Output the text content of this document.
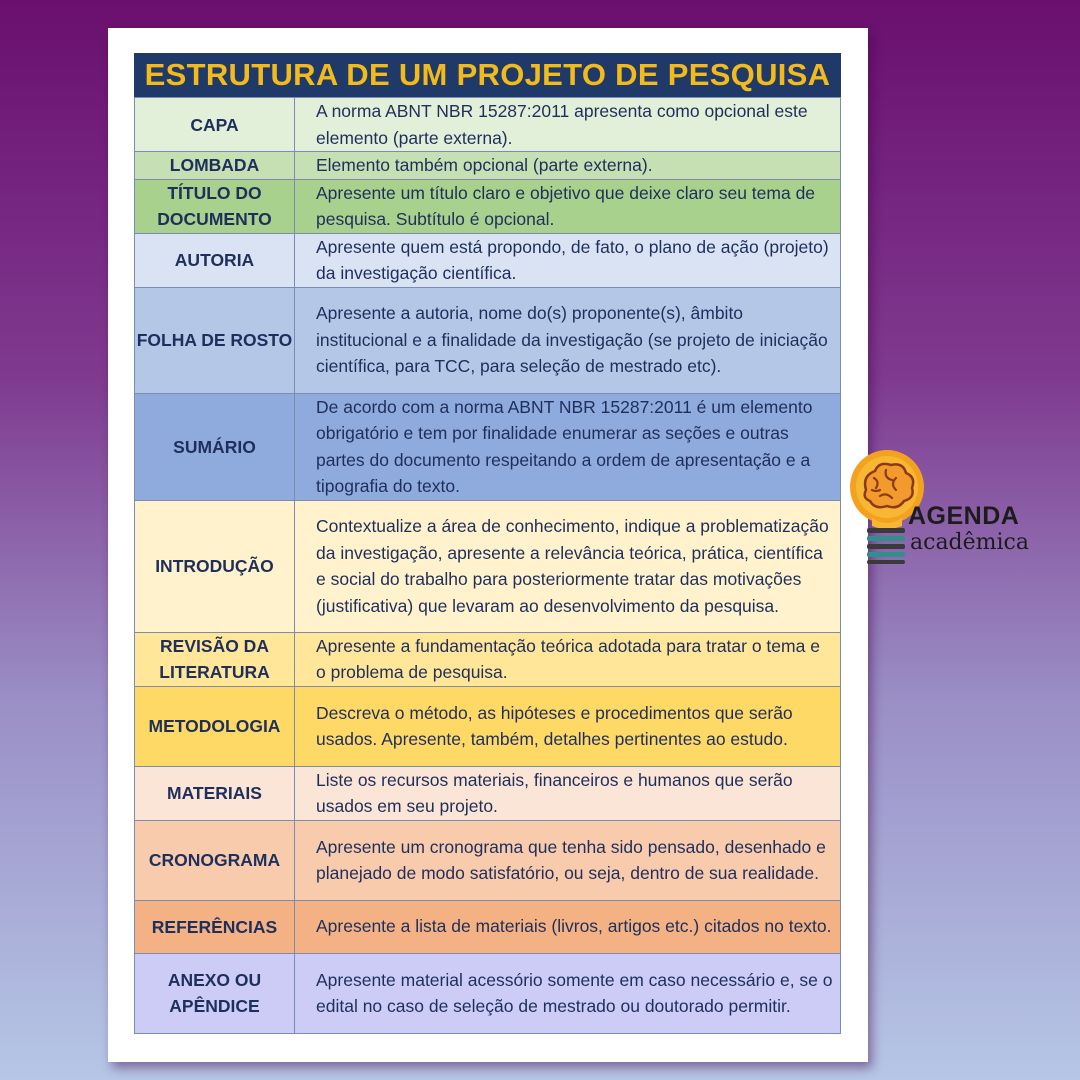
ESTRUTURA DE UM PROJETO DE PESQUISA
CAPA	A norma ABNT NBR 15287:2011 apresenta como opcional este elemento (parte externa).
LOMBADA	Elemento também opcional (parte externa).
TÍTULO DO DOCUMENTO	Apresente um título claro e objetivo que deixe claro seu tema de pesquisa. Subtítulo é opcional.
AUTORIA	Apresente quem está propondo, de fato, o plano de ação (projeto) da investigação científica.
FOLHA DE ROSTO	Apresente a autoria, nome do(s) proponente(s), âmbito institucional e a finalidade da investigação (se projeto de iniciação científica, para TCC, para seleção de mestrado etc).
SUMÁRIO	De acordo com a norma ABNT NBR 15287:2011 é um elemento obrigatório e tem por finalidade enumerar as seções e outras partes do documento respeitando a ordem de apresentação e a tipografia do texto.
INTRODUÇÃO	Contextualize a área de conhecimento, indique a problematização da investigação, apresente a relevância teórica, prática, científica e social do trabalho para posteriormente tratar das motivações (justificativa) que levaram ao desenvolvimento da pesquisa.
REVISÃO DA LITERATURA	Apresente a fundamentação teórica adotada para tratar o tema e o problema de pesquisa.
METODOLOGIA	Descreva o método, as hipóteses e procedimentos que serão usados. Apresente, também, detalhes pertinentes ao estudo.
MATERIAIS	Liste os recursos materiais, financeiros e humanos que serão usados em seu projeto.
CRONOGRAMA	Apresente um cronograma que tenha sido pensado, desenhado e planejado de modo satisfatório, ou seja, dentro de sua realidade.
REFERÊNCIAS	Apresente a lista de materiais (livros, artigos etc.) citados no texto.
ANEXO OU APÊNDICE	Apresente material acessório somente em caso necessário e, se o edital no caso de seleção de mestrado ou doutorado permitir.
AGENDA
acadêmica
